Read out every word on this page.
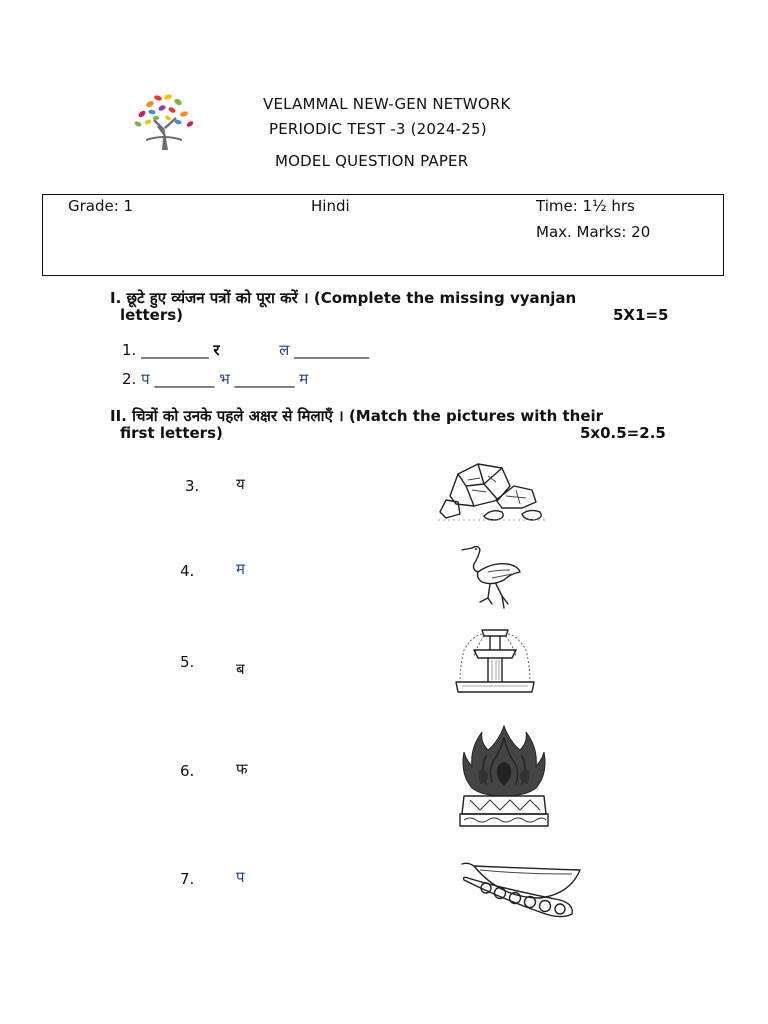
VELAMMAL NEW-GEN NETWORK
PERIODIC TEST -3 (2024-25)
MODEL QUESTION PAPER
Grade: 1	Hindi	Time: 1½ hrs
Max. Marks: 20
I. छूटे हुए व्यंजन पत्रों को पूरा करें । (Complete the missing vyanjan
letters)	5X1=5
1. _________ र	ल __________
2. प ________ भ ________ म
II. चित्रों को उनके पहले अक्षर से मिलाएँ । (Match the pictures with their
first letters)	5x0.5=2.5
3. य
4.	म
5.	ब
6.	फ
7.	प
